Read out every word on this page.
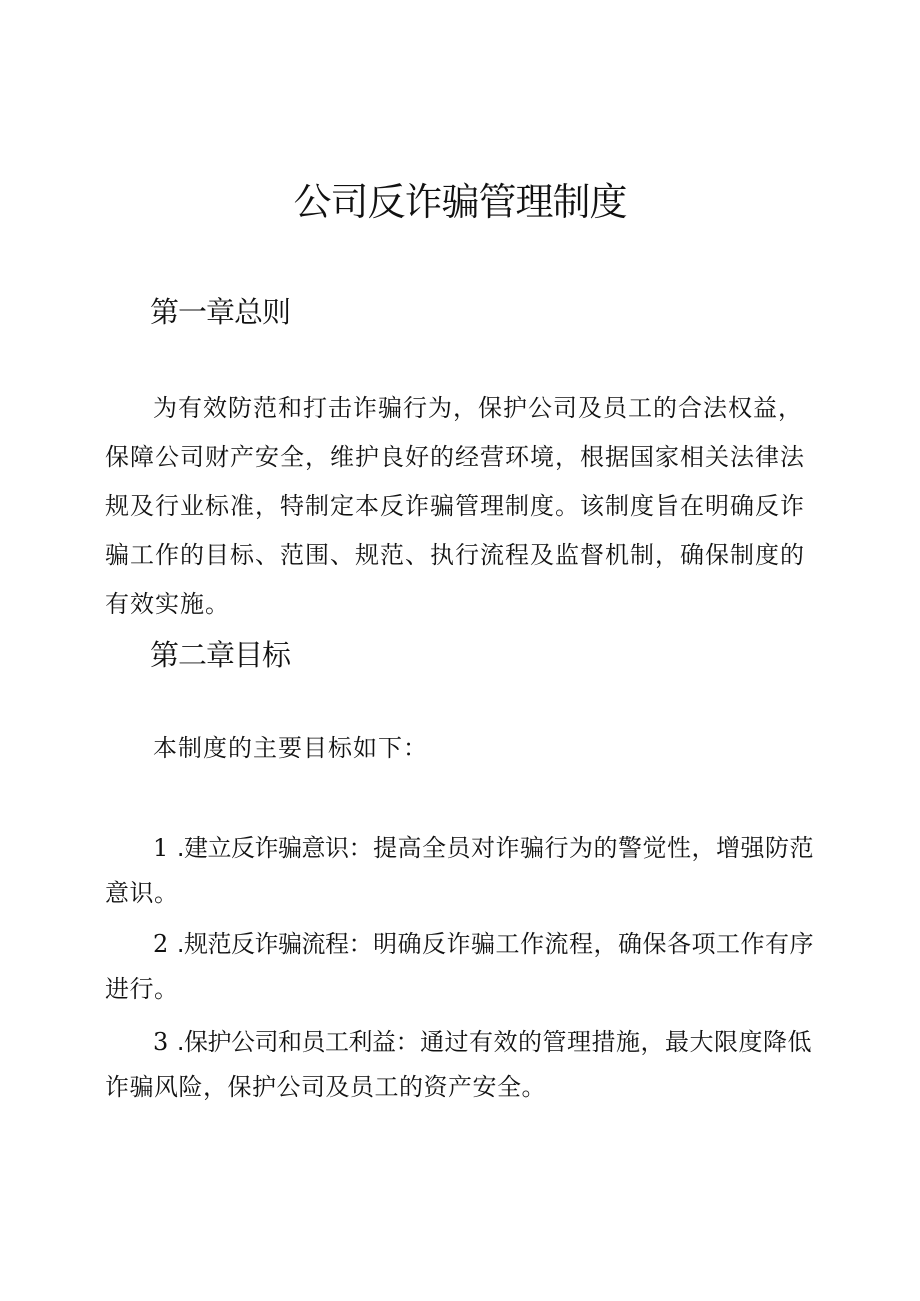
公司反诈骗管理制度
第一章总则

为有效防范和打击诈骗行为，保护公司及员工的合法权益，保障公司财产安全，维护良好的经营环境，根据国家相关法律法规及行业标准，特制定本反诈骗管理制度。该制度旨在明确反诈骗工作的目标、范围、规范、执行流程及监督机制，确保制度的有效实施。

第二章目标

本制度的主要目标如下：

1 .建立反诈骗意识：提高全员对诈骗行为的警觉性，增强防范意识。

2 .规范反诈骗流程：明确反诈骗工作流程，确保各项工作有序进行。

3 .保护公司和员工利益：通过有效的管理措施，最大限度降低诈骗风险，保护公司及员工的资产安全。
